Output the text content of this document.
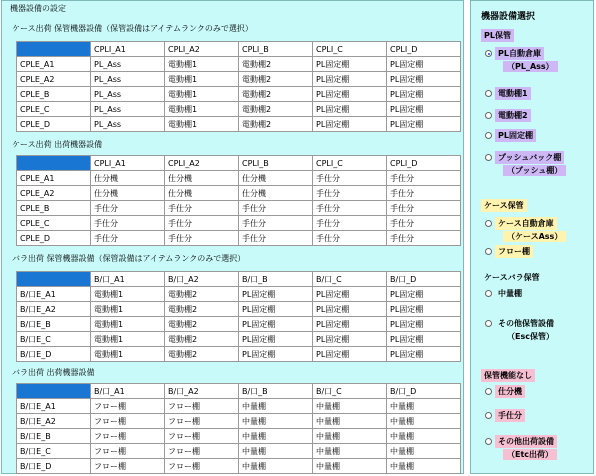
機器設備の設定
ケース出荷 保管機器設備（保管設備はアイテムランクのみで選択）
	CPLI_A1	CPLI_A2	CPLI_B	CPLI_C	CPLI_D
CPLE_A1	PL_Ass	電動棚1	電動棚2	PL固定棚	PL固定棚
CPLE_A2	PL_Ass	電動棚1	電動棚2	PL固定棚	PL固定棚
CPLE_B	PL_Ass	電動棚1	電動棚2	PL固定棚	PL固定棚
CPLE_C	PL_Ass	電動棚1	電動棚2	PL固定棚	PL固定棚
CPLE_D	PL_Ass	電動棚1	電動棚2	PL固定棚	PL固定棚
ケース出荷 出荷機器設備
	CPLI_A1	CPLI_A2	CPLI_B	CPLI_C	CPLI_D
CPLE_A1	仕分機	仕分機	仕分機	手仕分	手仕分
CPLE_A2	仕分機	仕分機	仕分機	手仕分	手仕分
CPLE_B	手仕分	手仕分	手仕分	手仕分	手仕分
CPLE_C	手仕分	手仕分	手仕分	手仕分	手仕分
CPLE_D	手仕分	手仕分	手仕分	手仕分	手仕分
バラ出荷 保管機器設備（保管設備はアイテムランクのみで選択）
	B/口_A1	B/口_A2	B/口_B	B/口_C	B/口_D
B/口E_A1	電動棚1	電動棚2	PL固定棚	PL固定棚	PL固定棚
B/口E_A2	電動棚1	電動棚2	PL固定棚	PL固定棚	PL固定棚
B/口E_B	電動棚1	電動棚2	PL固定棚	PL固定棚	PL固定棚
B/口E_C	電動棚1	電動棚2	PL固定棚	PL固定棚	PL固定棚
B/口E_D	電動棚1	電動棚2	PL固定棚	PL固定棚	PL固定棚
バラ出荷 出荷機器設備
	B/口_A1	B/口_A2	B/口_B	B/口_C	B/口_D
B/口E_A1	フロー棚	フロー棚	中量棚	中量棚	中量棚
B/口E_A2	フロー棚	フロー棚	中量棚	中量棚	中量棚
B/口E_B	フロー棚	フロー棚	中量棚	中量棚	中量棚
B/口E_C	フロー棚	フロー棚	中量棚	中量棚	中量棚
B/口E_D	フロー棚	フロー棚	中量棚	中量棚	中量棚
機器設備選択
PL保管
PL自動倉庫
（PL_Ass）
電動棚1
電動棚2
PL固定棚
プッシュバック棚
（プッシュ棚）
ケース保管
ケース自動倉庫
（ケースAss）
フロー棚
ケースバラ保管
中量棚
その他保管設備

（Esc保管）
保管機能なし
仕分機
手仕分
その他出荷設備
（Etc出荷）
